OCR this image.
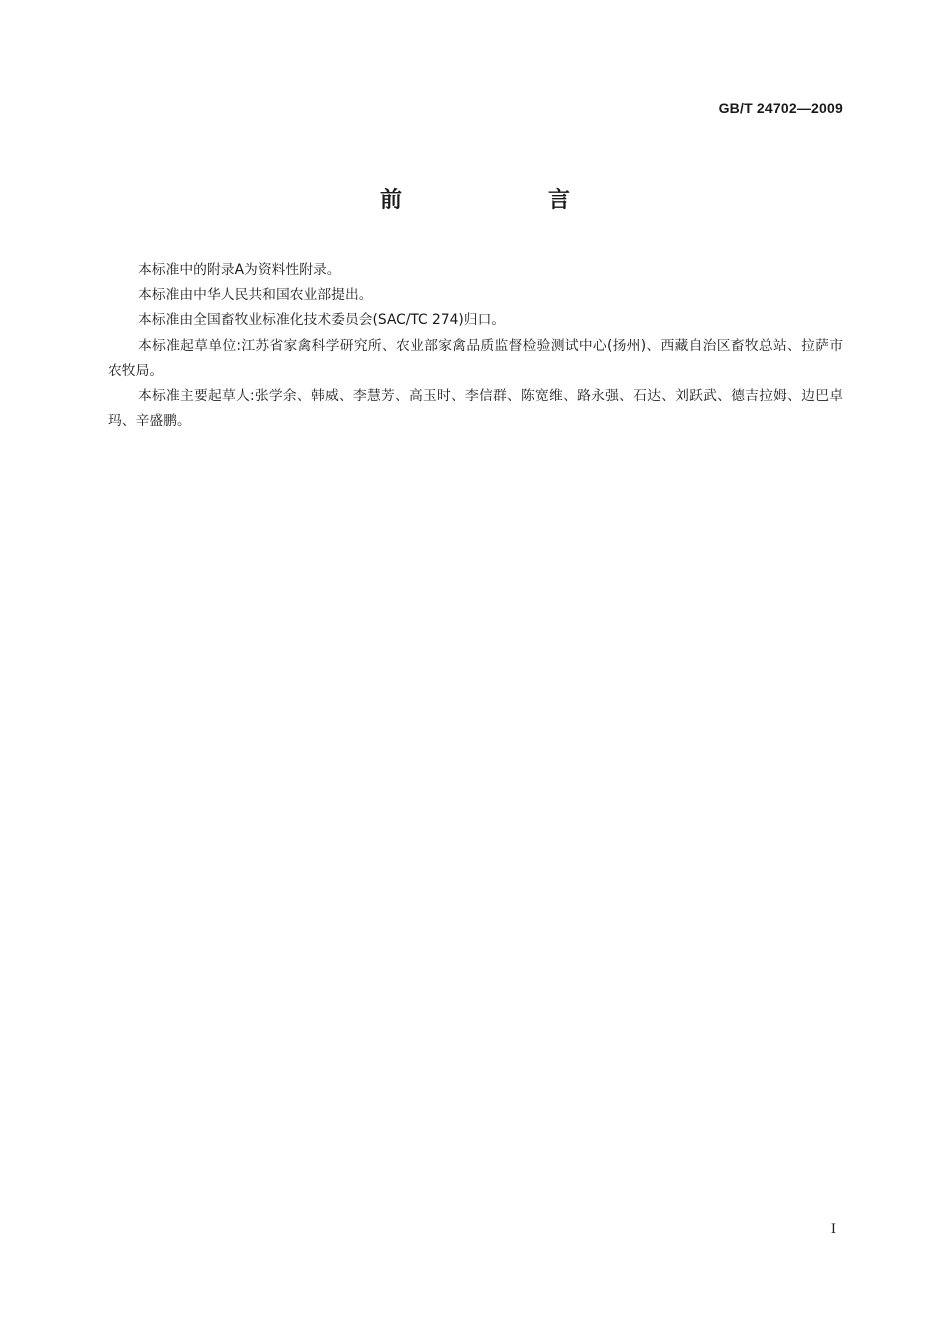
GB/T 24702—2009
前　言

本标准中的附录A为资料性附录。

本标准由中华人民共和国农业部提出。

本标准由全国畜牧业标准化技术委员会(SAC/TC 274)归口。

本标准起草单位:江苏省家禽科学研究所、农业部家禽品质监督检验测试中心(扬州)、西藏自治区畜牧总站、拉萨市农牧局。

本标准主要起草人:张学余、韩威、李慧芳、高玉时、李信群、陈宽维、路永强、石达、刘跃武、德吉拉姆、边巴卓玛、辛盛鹏。

I
